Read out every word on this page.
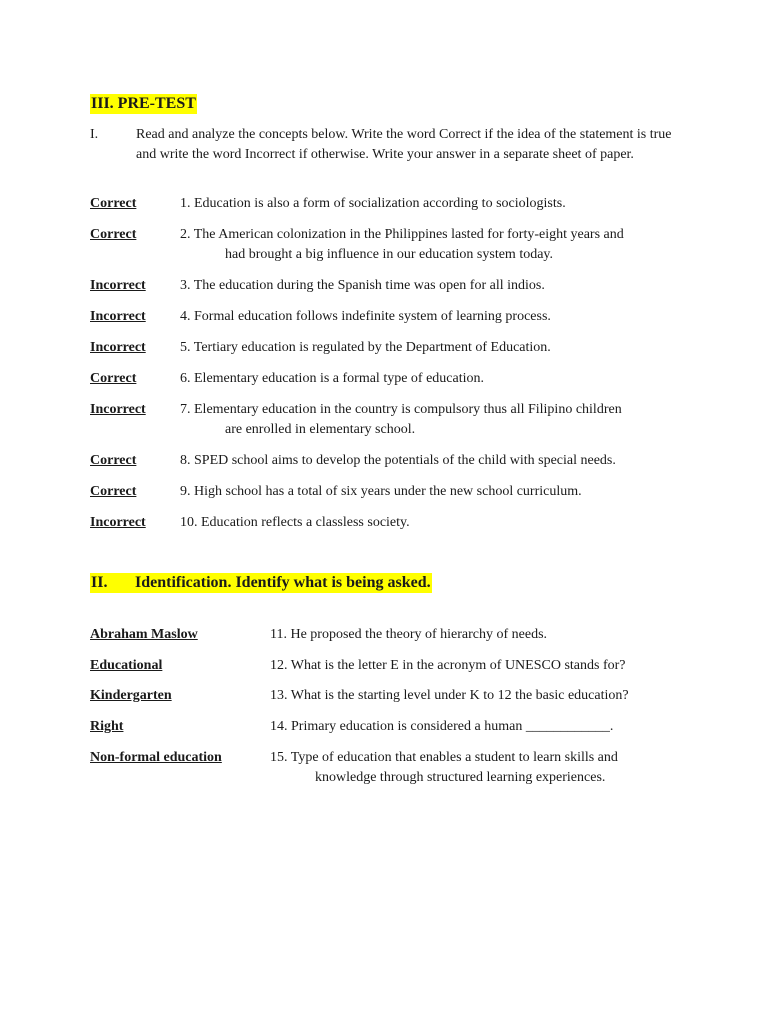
III. PRE-TEST
I.	Read and analyze the concepts below. Write the word Correct if the idea of the statement is true and write the word Incorrect if otherwise. Write your answer in a separate sheet of paper.
Correct	1. Education is also a form of socialization according to sociologists.
Correct	2. The American colonization in the Philippines lasted for forty-eight years and
had brought a big influence in our education system today.
Incorrect 3. The education during the Spanish time was open for all indios.
Incorrect 4. Formal education follows indefinite system of learning process.
Incorrect 5. Tertiary education is regulated by the Department of Education.
Correct	6. Elementary education is a formal type of education.
Incorrect 7. Elementary education in the country is compulsory thus all Filipino children
are enrolled in elementary school.
Correct	8. SPED school aims to develop the potentials of the child with special needs.
Correct	9. High school has a total of six years under the new school curriculum.
Incorrect 10. Education reflects a classless society.
II. Identification. Identify what is being asked.
Abraham Maslow	11. He proposed the theory of hierarchy of needs.
Educational	12. What is the letter E in the acronym of UNESCO stands for?
Kindergarten	13. What is the starting level under K to 12 the basic education?
Right	14. Primary education is considered a human ____________.
Non-formal education	15. Type of education that enables a student to learn skills and
knowledge through structured learning experiences.
